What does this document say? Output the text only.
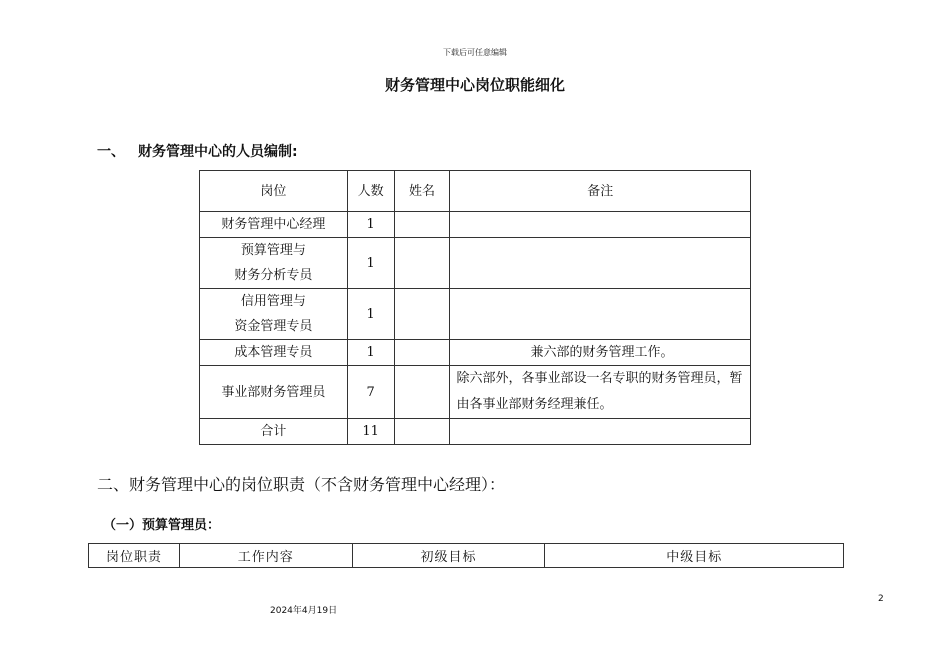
下载后可任意编辑
财务管理中心岗位职能细化
一、 财务管理中心的人员编制:
岗位	人数	姓名	备注
财务管理中心经理	1		

预算管理与
财务分析专员	1		

信用管理与
资金管理专员	1		
成本管理专员	1		兼六部的财务管理工作。
事业部财务管理员	7		除六部外，各事业部设一名专职的财务管理员，暂由各事业部财务经理兼任。
合计	11		
二、财务管理中心的岗位职责（不含财务管理中心经理）：
（一）预算管理员：
岗位职责	工作内容	初级目标	中级目标
2024年4月19日
2
